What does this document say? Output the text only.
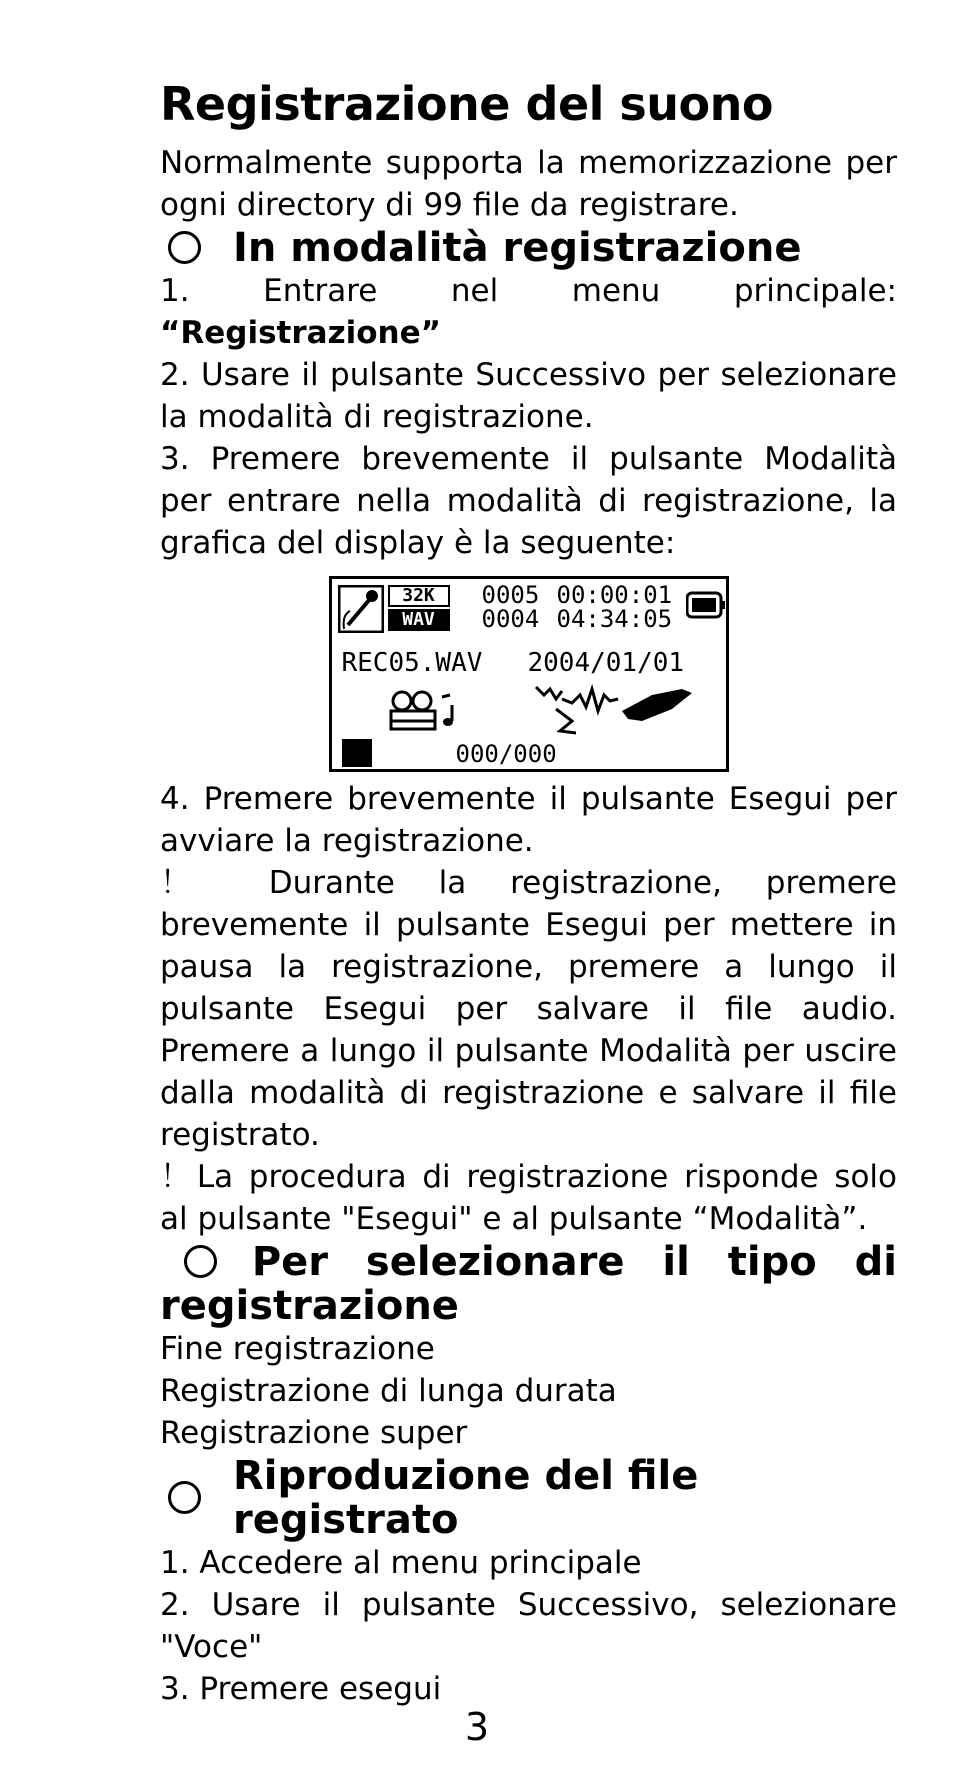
Registrazione del suono

Normalmente supporta la memorizzazione per ogni directory di 99 file da registrare.

In modalità registrazione

1. Entrare nel menu principale:

“Registrazione”

2. Usare il pulsante Successivo per selezionare la modalità di registrazione.

3. Premere brevemente il pulsante Modalità per entrare nella modalità di registrazione, la grafica del display è la seguente:

32K
WAV
0005
0004
00:00:01
04:34:05
REC05.WAV 2004/01/01
000/000

4. Premere brevemente il pulsante Esegui per avviare la registrazione.

！ Durante la registrazione, premere brevemente il pulsante Esegui per mettere in pausa la registrazione, premere a lungo il pulsante Esegui per salvare il file audio. Premere a lungo il pulsante Modalità per uscire dalla modalità di registrazione e salvare il file registrato.

！La procedura di registrazione risponde solo al pulsante "Esegui" e al pulsante “Modalità”.

Per selezionare il tipo di
registrazione

Fine registrazione

Registrazione di lunga durata

Registrazione super

Riproduzione del file registrato

1. Accedere al menu principale

2. Usare il pulsante Successivo, selezionare "Voce"

3. Premere esegui

3
